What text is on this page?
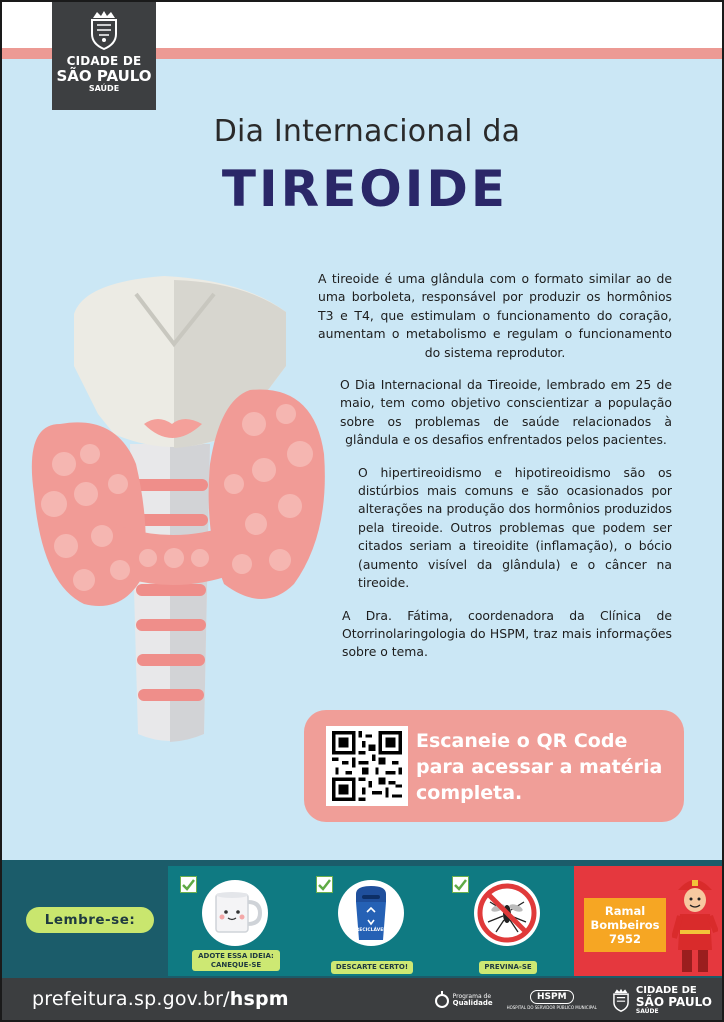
CIDADE DE
SÃO PAULO
SAÚDE
Dia Internacional da
TIREOIDE

A tireoide é uma glândula com o formato similar ao de uma borboleta, responsável por produzir os hormônios T3 e T4, que estimulam o funcionamento do coração, aumentam o metabolismo e regulam o funcionamento do sistema reprodutor.

O Dia Internacional da Tireoide, lembrado em 25 de maio, tem como objetivo conscientizar a população sobre os problemas de saúde relacionados à glândula e os desafios enfrentados pelos pacientes.

O hipertireoidismo e hipotireoidismo são os distúrbios mais comuns e são ocasionados por alterações na produção dos hormônios produzidos pela tireoide. Outros problemas que podem ser citados seriam a tireoidite (inflamação), o bócio (aumento visível da glândula) e o câncer na tireoide.

A Dra. Fátima, coordenadora da Clínica de Otorrinolaringologia do HSPM, traz mais informações sobre o tema.

Escaneie o QR Code para acessar a matéria completa.
Lembre-se:
ADOTE ESSA IDEIA: CANEQUE-SE
RECICLÁVEL
DESCARTE CERTO!	PREVINA-SE
Ramal
Bombeiros
7952
prefeitura.sp.gov.br/hspm	Programa de
Qualidade
HSPM
HOSPITAL DO SERVIDOR PÚBLICO MUNICIPAL
CIDADE DE
SÃO PAULO
SAÚDE
